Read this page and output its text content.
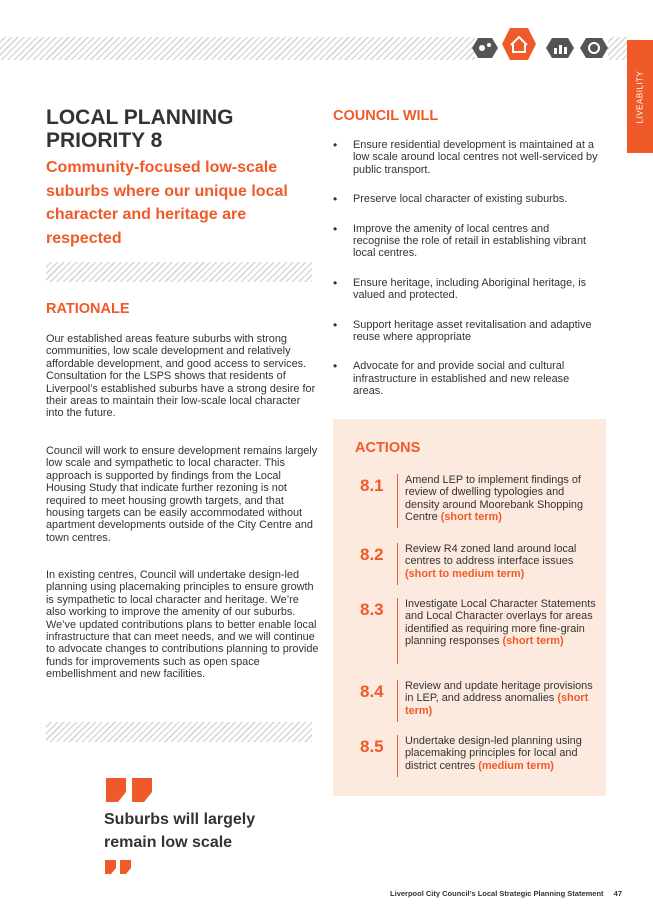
LIVEABILITY
LOCAL PLANNING
PRIORITY 8

Community-focused low-scale suburbs where our unique local character and heritage are respected

RATIONALE

Our established areas feature suburbs with strong communities, low scale development and relatively affordable development, and good access to services. Consultation for the LSPS shows that residents of Liverpool’s established suburbs have a strong desire for their areas to maintain their low-scale local character into the future.

Council will work to ensure development remains largely low scale and sympathetic to local character. This approach is supported by findings from the Local Housing Study that indicate further rezoning is not required to meet housing growth targets, and that housing targets can be easily accommodated without apartment developments outside of the City Centre and town centres.

In existing centres, Council will undertake design-led planning using placemaking principles to ensure growth is sympathetic to local character and heritage. We’re also working to improve the amenity of our suburbs. We’ve updated contributions plans to better enable local infrastructure that can meet needs, and we will continue to advocate changes to contributions planning to provide funds for improvements such as open space embellishment and new facilities.

Suburbs will largely remain low scale

COUNCIL WILL
• Ensure residential development is maintained at a low scale around local centres not well-serviced by public transport.
• Preserve local character of existing suburbs.
• Improve the amenity of local centres and recognise the role of retail in establishing vibrant local centres.
• Ensure heritage, including Aboriginal heritage, is valued and protected.
• Support heritage asset revitalisation and adaptive reuse where appropriate
• Advocate for and provide social and cultural infrastructure in established and new release areas.
ACTIONS
8.1	Amend LEP to implement findings of review of dwelling typologies and density around Moorebank Shopping Centre (short term)
8.2	Review R4 zoned land around local centres to address interface issues (short to medium term)
8.3	Investigate Local Character Statements and Local Character overlays for areas identified as requiring more fine-grain planning responses (short term)
8.4	Review and update heritage provisions in LEP, and address anomalies (short term)
8.5	Undertake design-led planning using placemaking principles for local and district centres (medium term)
Liverpool City Council’s Local Strategic Planning Statement 47
